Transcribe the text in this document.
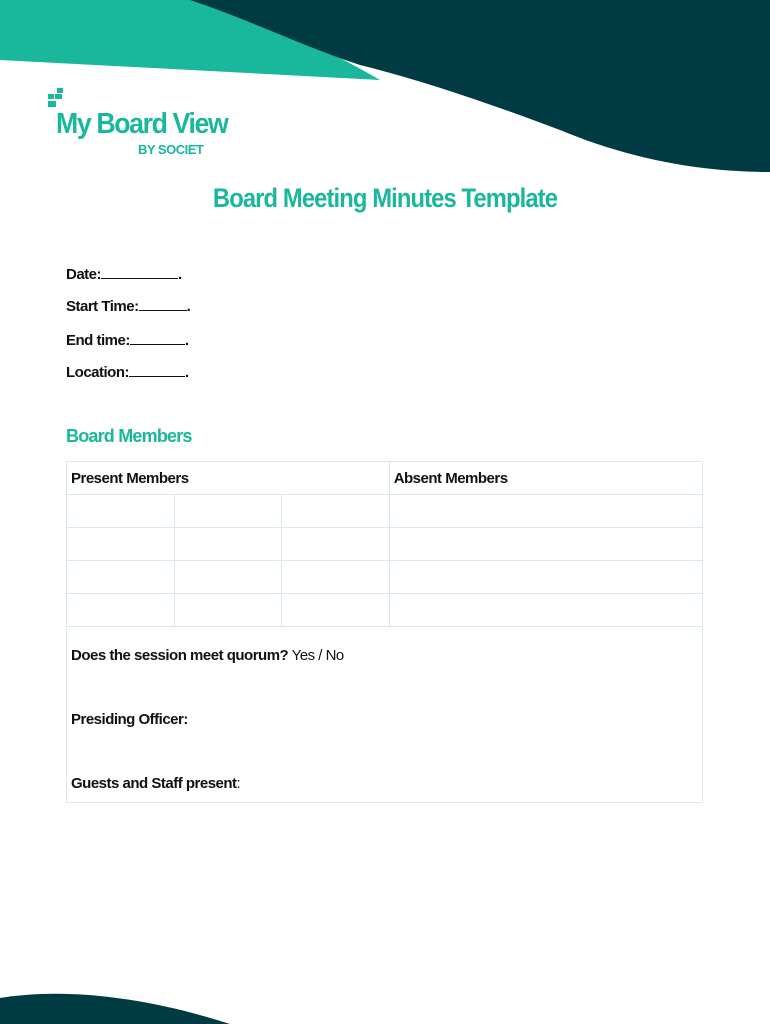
My Board View
BY SOCIET
Board Meeting Minutes Template
Date:	.
Start Time:	.
End time:	.
Location:	.
Board Members
Present Members			Absent Members

Does the session meet quorum? Yes / No
Presiding Officer:
Guests and Staff present:
